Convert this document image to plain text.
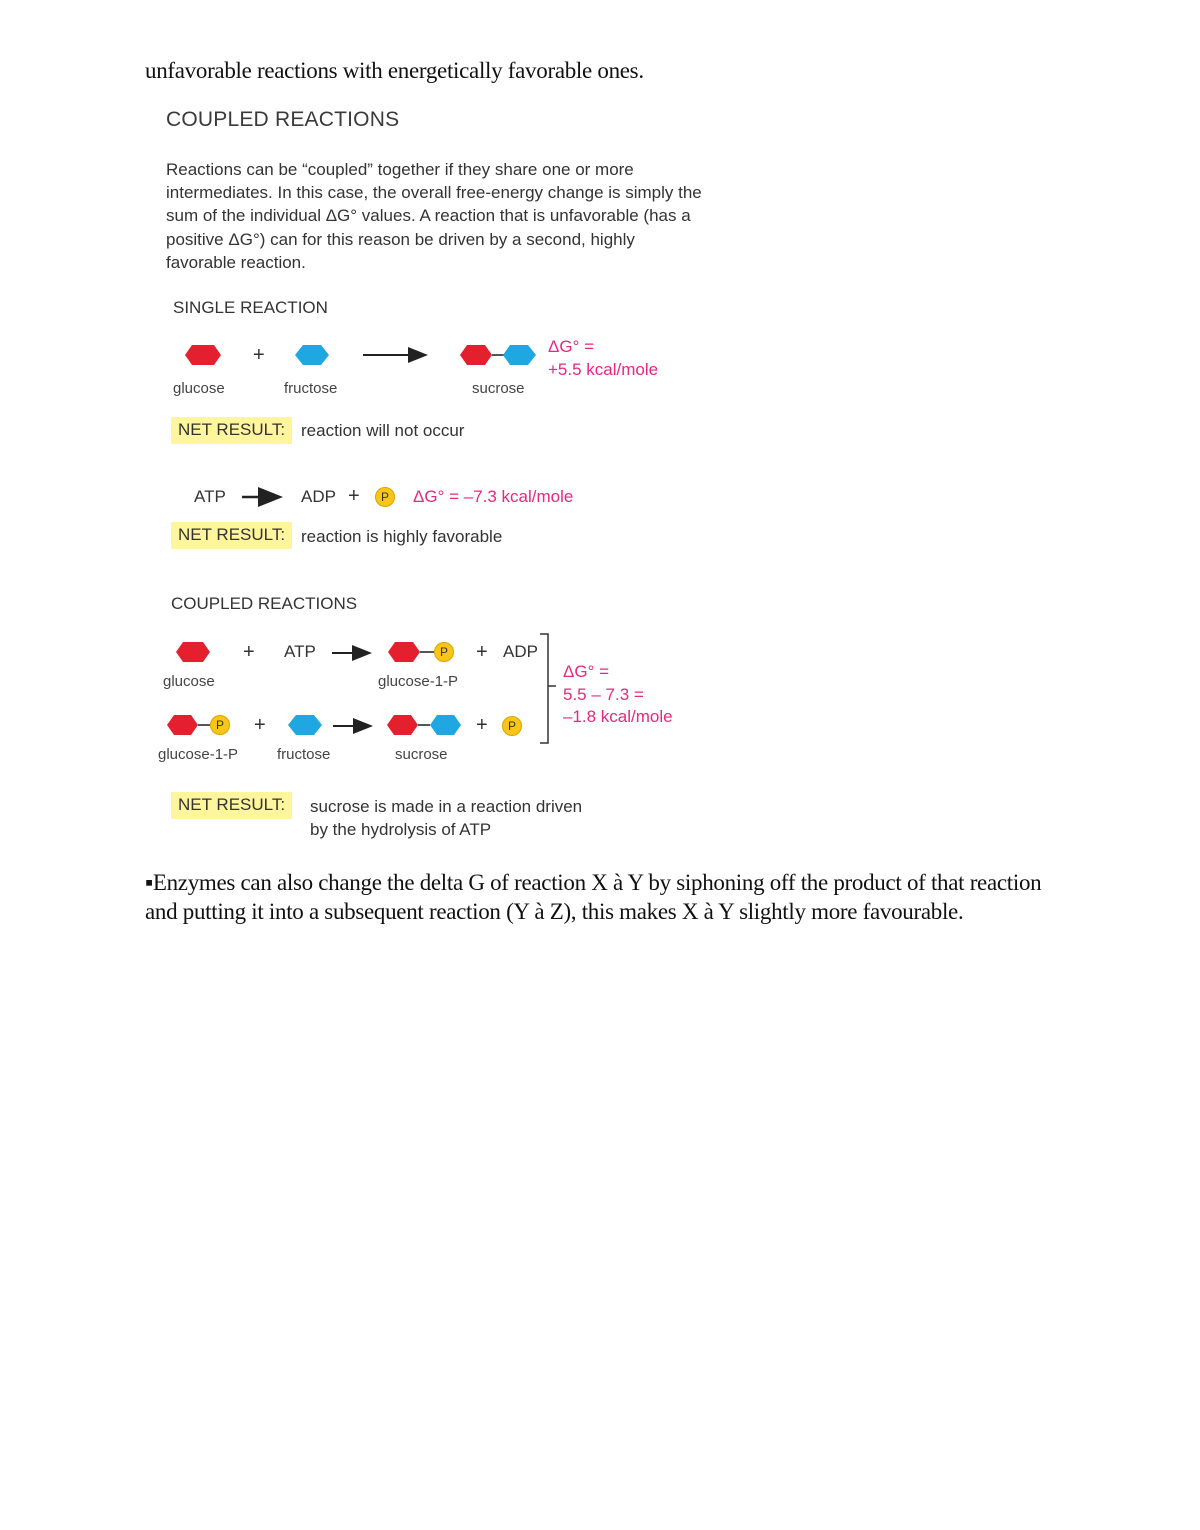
unfavorable reactions with energetically favorable ones.
COUPLED REACTIONS
Reactions can be “coupled” together if they share one or more intermediates. In this case, the overall free-energy change is simply the sum of the individual ΔG° values. A reaction that is unfavorable (has a positive ΔG°) can for this reason be driven by a second, highly favorable reaction.
SINGLE REACTION
+
glucose	fructose	sucrose
ΔG° =
+5.5 kcal/mole
NET RESULT: reaction will not occur
ATP	ADP +	P	ΔG° = –7.3 kcal/mole
NET RESULT: reaction is highly favorable
COUPLED REACTIONS
+ ATP	P	+ ADP
glucose	glucose-1-P
P	+	+	P
glucose-1-P	fructose	sucrose
ΔG° =
5.5 – 7.3 =
–1.8 kcal/mole
NET RESULT:	sucrose is made in a reaction driven
by the hydrolysis of ATP
▪Enzymes can also change the delta G of reaction X à Y by siphoning off the product of that reaction and putting it into a subsequent reaction (Y à Z), this makes X à Y slightly more favourable.
